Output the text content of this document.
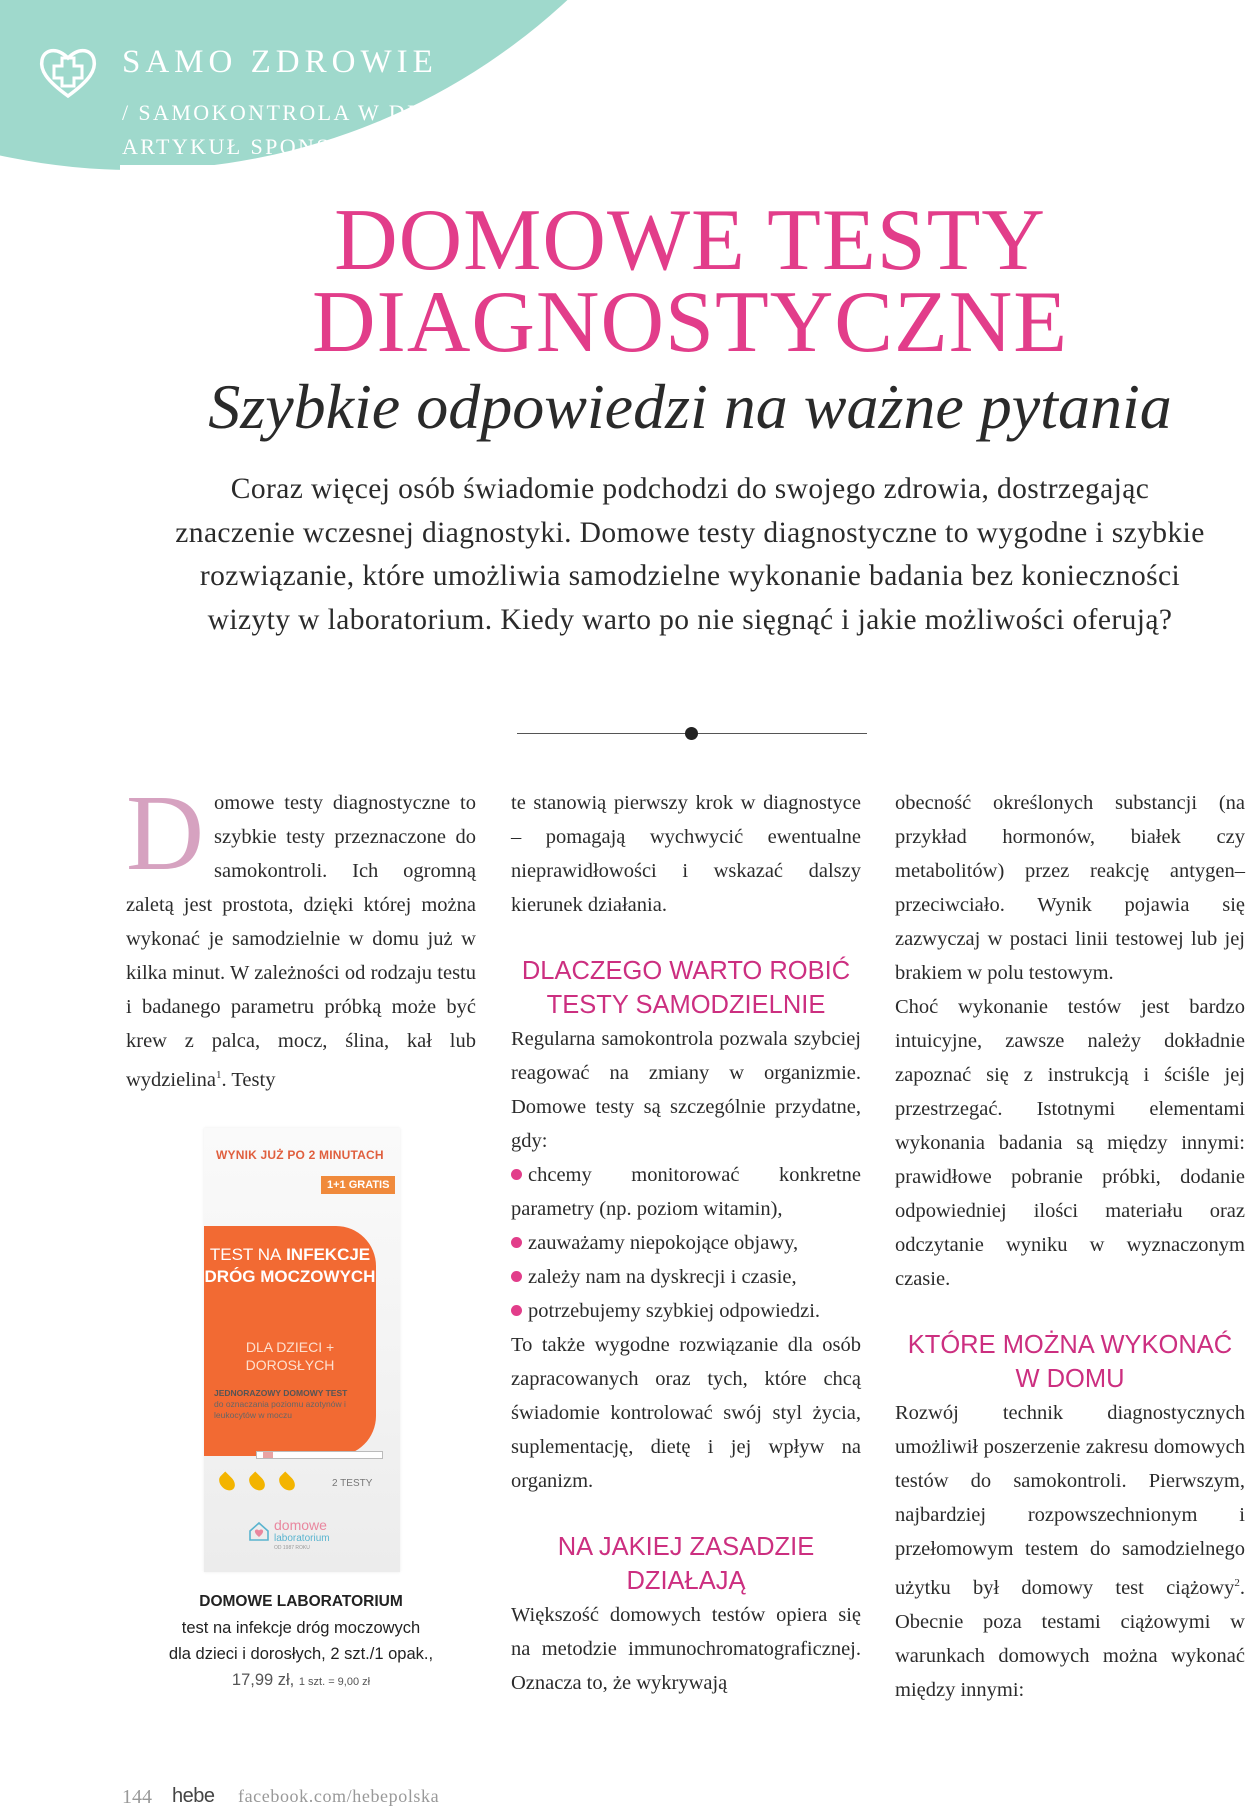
SAMO ZDROWIE
/ SAMOKONTROLA W DIAGNOSTYCE DOMOWEJ
ARTYKUŁ SPONSOROWANY
DOMOWE TESTY
DIAGNOSTYCZNE
Szybkie odpowiedzi na ważne pytania

Coraz więcej osób świadomie podchodzi do swojego zdrowia, dostrzegając znaczenie wczesnej diagnostyki. Domowe testy diagnostyczne to wygodne i szybkie rozwiązanie, które umożliwia samodzielne wykonanie badania bez konieczności wizyty w laboratorium. Kiedy warto po nie sięgnąć i jakie możliwości oferują?

Domowe testy diagnostyczne to szybkie testy przeznaczone do samokontroli. Ich ogromną zaletą jest prostota, dzięki której można wykonać je samodzielnie w domu już w kilka minut. W zależności od rodzaju testu i badanego parametru próbką może być krew z palca, mocz, ślina, kał lub wydzielina$^1$. Testy

WYNIK JUŻ PO 2 MINUTACH
1+1 GRATIS
TEST NA INFEKCJE
DRÓG MOCZOWYCH
DLA DZIECI + DOROSŁYCH
JEDNORAZOWY DOMOWY TEST
do oznaczania poziomu azotynów i leukocytów w moczu
2 TESTY
domowe
laboratorium
OD 1987 ROKU

DOMOWE LABORATORIUM

test na infekcje dróg moczowych

dla dzieci i dorosłych, 2 szt./1 opak.,

17,99 zł, 1 szt. = 9,00 zł

te stanowią pierwszy krok w diagnostyce – pomagają wychwycić ewentualne nieprawidłowości i wskazać dalszy kierunek działania.

DLACZEGO WARTO ROBIĆ TESTY SAMODZIELNIE

Regularna samokontrola pozwala szybciej reagować na zmiany w organizmie. Domowe testy są szczególnie przydatne, gdy:

chcemy monitorować konkretne parametry (np. poziom witamin),

zauważamy niepokojące objawy,

zależy nam na dyskrecji i czasie,

potrzebujemy szybkiej odpowiedzi.

To także wygodne rozwiązanie dla osób zapracowanych oraz tych, które chcą świadomie kontrolować swój styl życia, suplementację, dietę i jej wpływ na organizm.

NA JAKIEJ ZASADZIE DZIAŁAJĄ

Większość domowych testów opiera się na metodzie immunochromatograficznej. Oznacza to, że wykrywają

obecność określonych substancji (na przykład hormonów, białek czy metabolitów) przez reakcję antygen–przeciwciało. Wynik pojawia się zazwyczaj w postaci linii testowej lub jej brakiem w polu testowym.

Choć wykonanie testów jest bardzo intuicyjne, zawsze należy dokładnie zapoznać się z instrukcją i ściśle jej przestrzegać. Istotnymi elementami wykonania badania są między innymi: prawidłowe pobranie próbki, dodanie odpowiedniej ilości materiału oraz odczytanie wyniku w wyznaczonym czasie.

KTÓRE MOŻNA WYKONAĆ W DOMU

Rozwój technik diagnostycznych umożliwił poszerzenie zakresu domowych testów do samokontroli. Pierwszym, najbardziej rozpowszechnionym i przełomowym testem do samodzielnego użytku był domowy test ciążowy$^2$. Obecnie poza testami ciążowymi w warunkach domowych można wykonać między innymi:

144 hebe facebook.com/hebepolska
